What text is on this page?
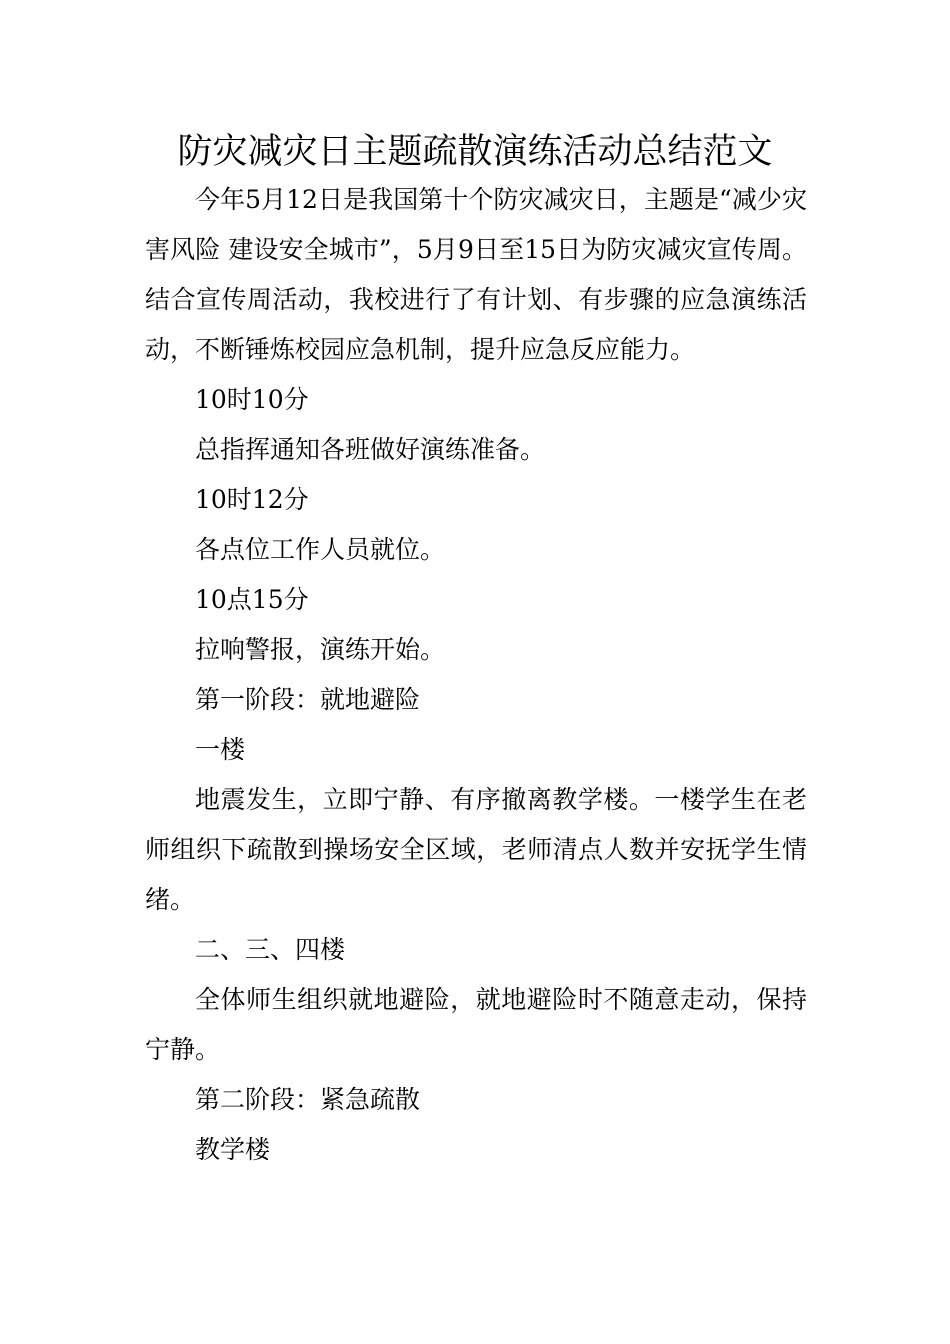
防灾减灾日主题疏散演练活动总结范文

今年5月12日是我国第十个防灾减灾日，主题是“减少灾害风险 建设安全城市”，5月9日至15日为防灾减灾宣传周。结合宣传周活动，我校进行了有计划、有步骤的应急演练活动，不断锤炼校园应急机制，提升应急反应能力。

10时10分

总指挥通知各班做好演练准备。

10时12分

各点位工作人员就位。

10点15分

拉响警报，演练开始。

第一阶段：就地避险

一楼

地震发生，立即宁静、有序撤离教学楼。一楼学生在老师组织下疏散到操场安全区域，老师清点人数并安抚学生情绪。

二、三、四楼

全体师生组织就地避险，就地避险时不随意走动，保持宁静。

第二阶段：紧急疏散

教学楼
